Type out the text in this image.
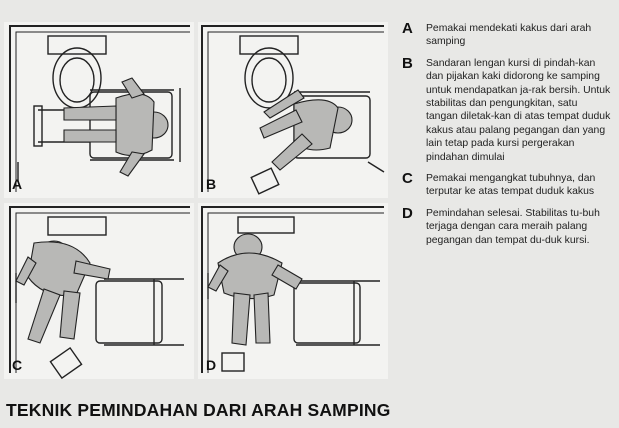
A	B
C	D
A Pemakai mendekati kakus dari arah samping
B Sandaran lengan kursi di pindah-kan dan pijakan kaki didorong ke samping untuk mendapatkan ja-rak bersih. Untuk stabilitas dan pengungkitan, satu tangan diletak-kan di atas tempat duduk kakus atau palang pegangan dan yang lain tetap pada kursi pergerakan pindahan dimulai
C Pemakai mengangkat tubuhnya, dan terputar ke atas tempat duduk kakus
D Pemindahan selesai. Stabilitas tu-buh terjaga dengan cara meraih palang pegangan dan tempat du-duk kursi.
TEKNIK PEMINDAHAN DARI ARAH SAMPING
